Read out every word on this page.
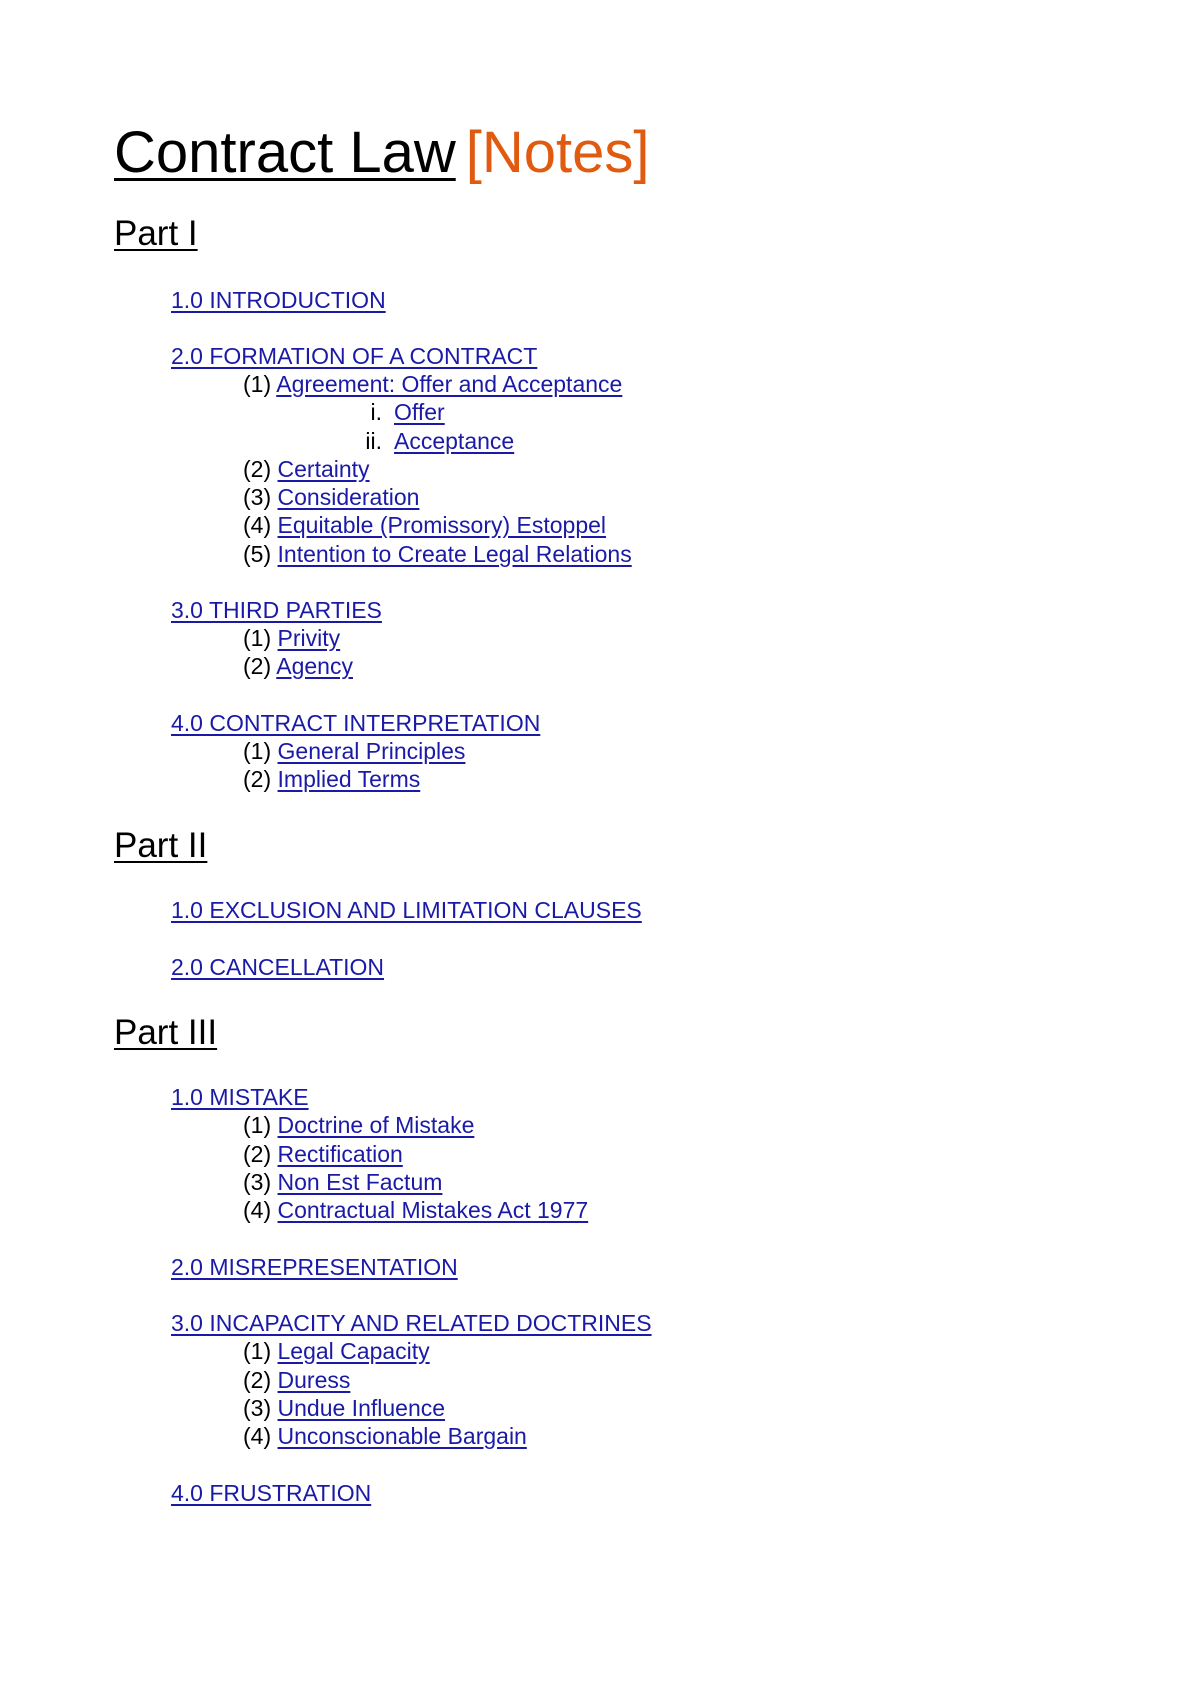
Contract Law [Notes]
Part I
1.0 INTRODUCTION
2.0 FORMATION OF A CONTRACT
(1) Agreement: Offer and Acceptance
i. Offer
ii. Acceptance
(2) Certainty
(3) Consideration
(4) Equitable (Promissory) Estoppel
(5) Intention to Create Legal Relations
3.0 THIRD PARTIES
(1) Privity
(2) Agency
4.0 CONTRACT INTERPRETATION
(1) General Principles
(2) Implied Terms
Part II
1.0 EXCLUSION AND LIMITATION CLAUSES
2.0 CANCELLATION
Part III
1.0 MISTAKE
(1) Doctrine of Mistake
(2) Rectification
(3) Non Est Factum
(4) Contractual Mistakes Act 1977
2.0 MISREPRESENTATION
3.0 INCAPACITY AND RELATED DOCTRINES
(1) Legal Capacity
(2) Duress
(3) Undue Influence
(4) Unconscionable Bargain
4.0 FRUSTRATION
